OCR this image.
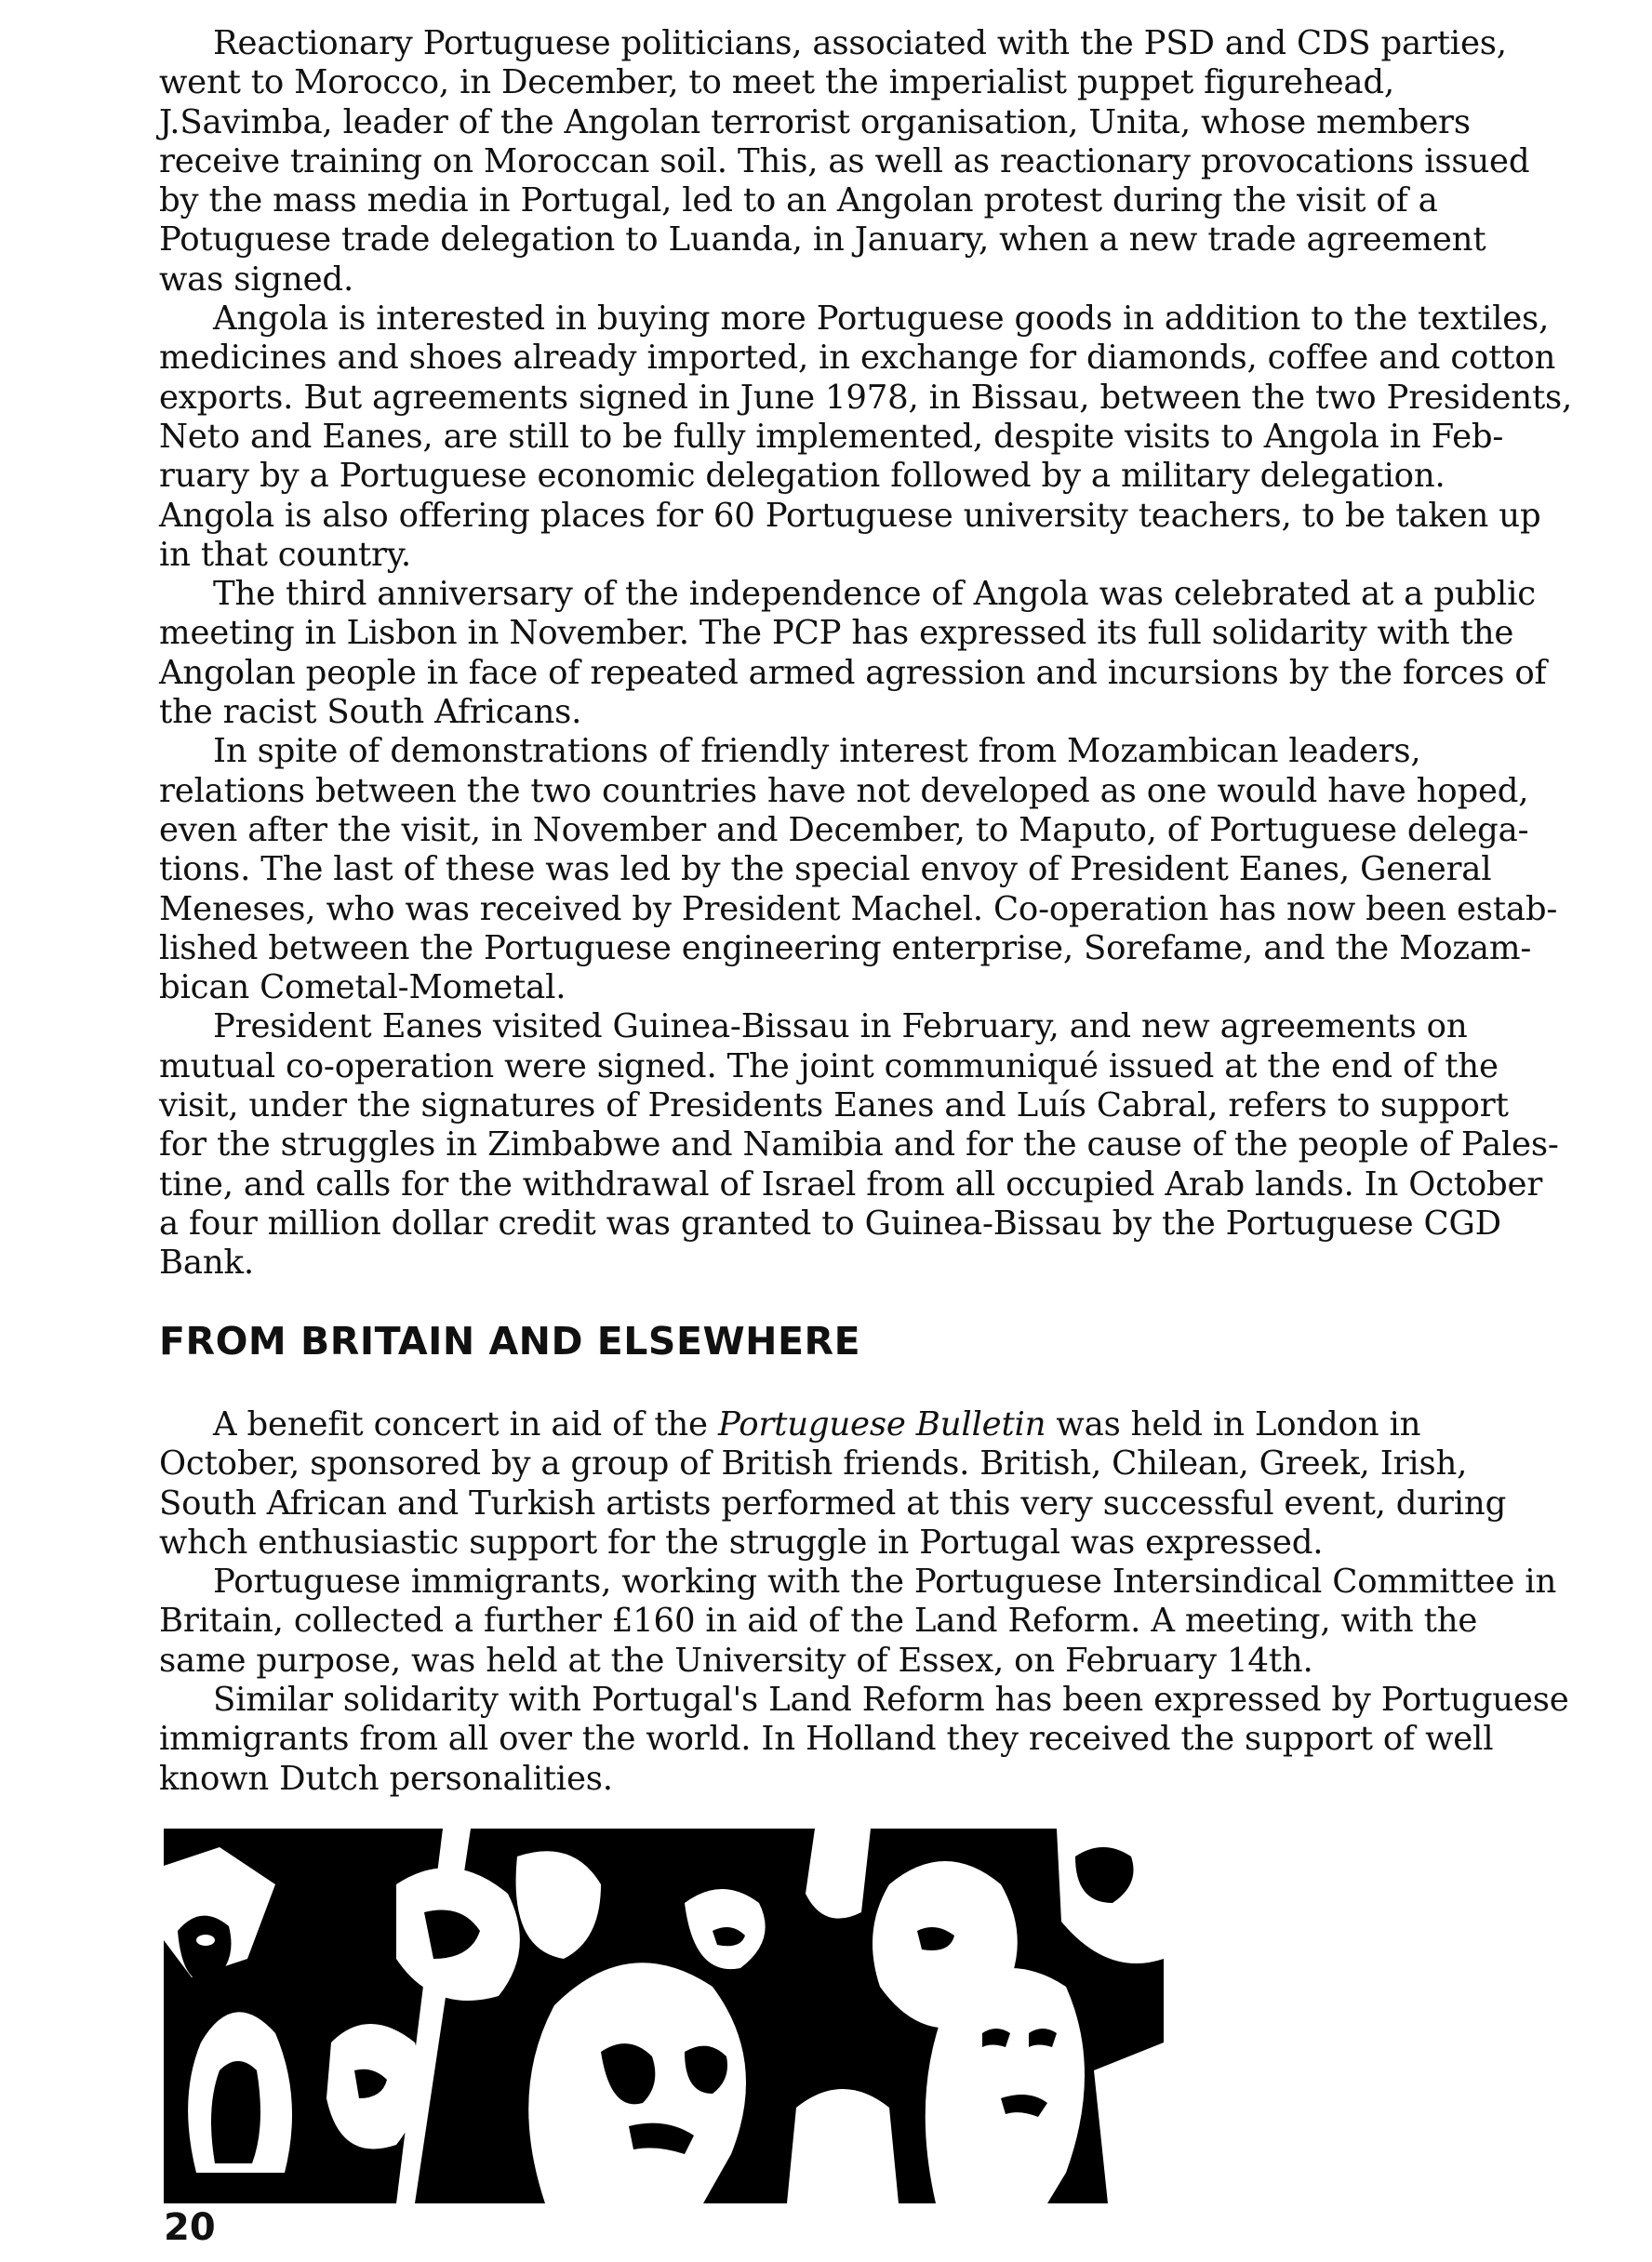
Reactionary Portuguese politicians, associated with the PSD and CDS parties,
went to Morocco, in December, to meet the imperialist puppet figurehead,
J.Savimba, leader of the Angolan terrorist organisation, Unita, whose members
receive training on Moroccan soil. This, as well as reactionary provocations issued
by the mass media in Portugal, led to an Angolan protest during the visit of a
Potuguese trade delegation to Luanda, in January, when a new trade agreement
was signed.
Angola is interested in buying more Portuguese goods in addition to the textiles,
medicines and shoes already imported, in exchange for diamonds, coffee and cotton
exports. But agreements signed in June 1978, in Bissau, between the two Presidents,
Neto and Eanes, are still to be fully implemented, despite visits to Angola in Feb-
ruary by a Portuguese economic delegation followed by a military delegation.
Angola is also offering places for 60 Portuguese university teachers, to be taken up
in that country.
The third anniversary of the independence of Angola was celebrated at a public
meeting in Lisbon in November. The PCP has expressed its full solidarity with the
Angolan people in face of repeated armed agression and incursions by the forces of
the racist South Africans.
In spite of demonstrations of friendly interest from Mozambican leaders,
relations between the two countries have not developed as one would have hoped,
even after the visit, in November and December, to Maputo, of Portuguese delega-
tions. The last of these was led by the special envoy of President Eanes, General
Meneses, who was received by President Machel. Co-operation has now been estab-
lished between the Portuguese engineering enterprise, Sorefame, and the Mozam-
bican Cometal-Mometal.
President Eanes visited Guinea-Bissau in February, and new agreements on
mutual co-operation were signed. The joint communiqué issued at the end of the
visit, under the signatures of Presidents Eanes and Luís Cabral, refers to support
for the struggles in Zimbabwe and Namibia and for the cause of the people of Pales-
tine, and calls for the withdrawal of Israel from all occupied Arab lands. In October
a four million dollar credit was granted to Guinea-Bissau by the Portuguese CGD
Bank.
FROM BRITAIN AND ELSEWHERE
A benefit concert in aid of the Portuguese Bulletin was held in London in
October, sponsored by a group of British friends. British, Chilean, Greek, Irish,
South African and Turkish artists performed at this very successful event, during
whch enthusiastic support for the struggle in Portugal was expressed.
Portuguese immigrants, working with the Portuguese Intersindical Committee in
Britain, collected a further £160 in aid of the Land Reform. A meeting, with the
same purpose, was held at the University of Essex, on February 14th.
Similar solidarity with Portugal's Land Reform has been expressed by Portuguese
immigrants from all over the world. In Holland they received the support of well
known Dutch personalities.
20
